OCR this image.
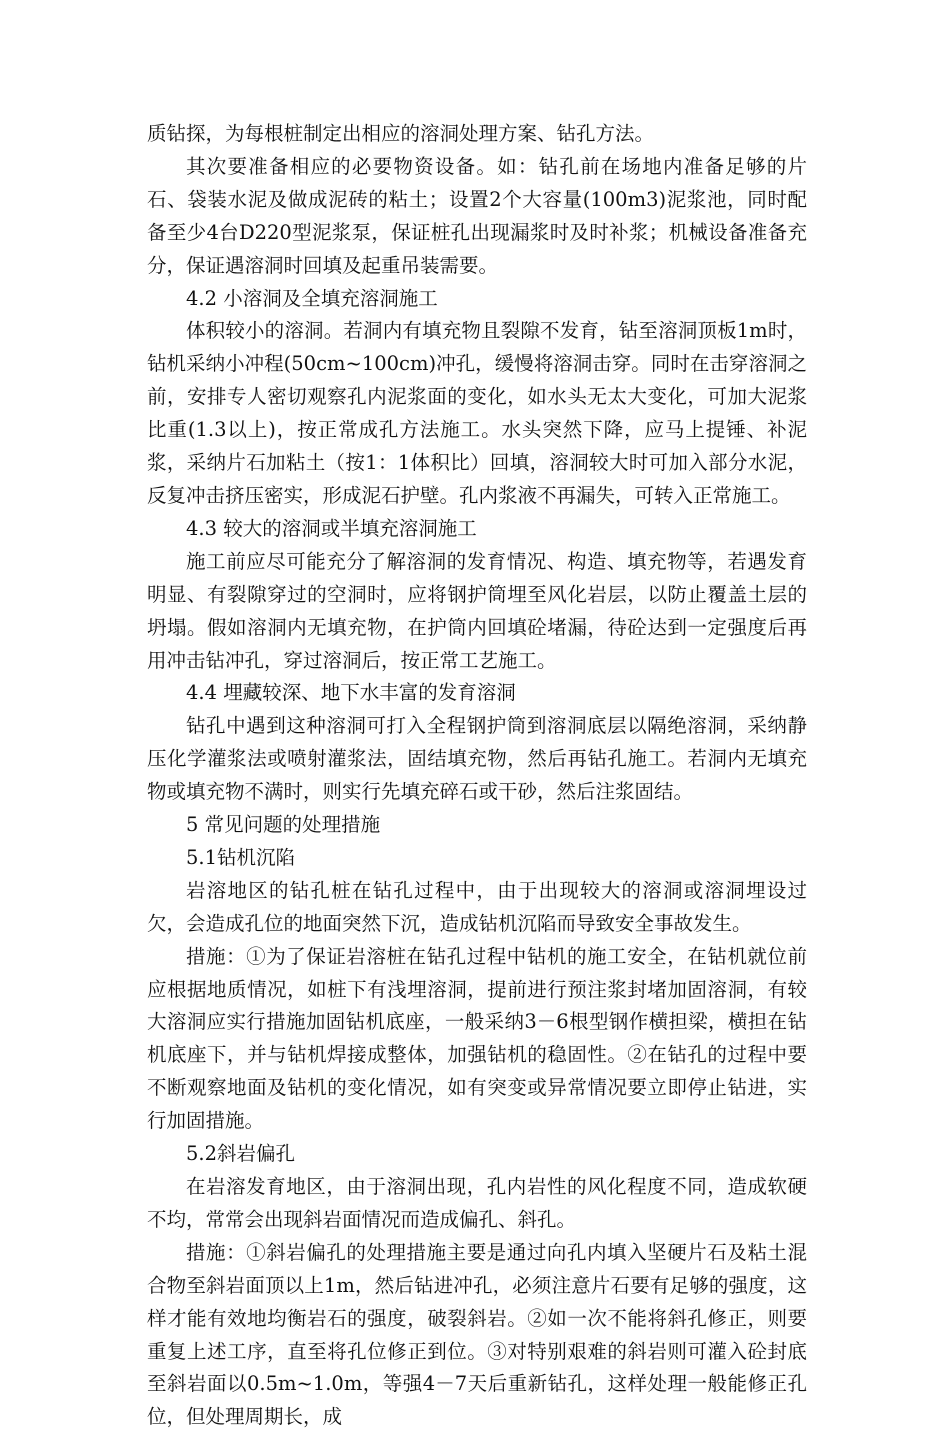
质钻探，为每根桩制定出相应的溶洞处理方案、钻孔方法。

其次要准备相应的必要物资设备。如：钻孔前在场地内准备足够的片石、袋装水泥及做成泥砖的粘土；设置2个大容量(100m3)泥浆池，同时配备至少4台D220型泥浆泵，保证桩孔出现漏浆时及时补浆；机械设备准备充分，保证遇溶洞时回填及起重吊装需要。

4.2 小溶洞及全填充溶洞施工

体积较小的溶洞。若洞内有填充物且裂隙不发育，钻至溶洞顶板1m时，钻机采纳小冲程(50cm~100cm)冲孔，缓慢将溶洞击穿。同时在击穿溶洞之前，安排专人密切观察孔内泥浆面的变化，如水头无太大变化，可加大泥浆比重(1.3以上)，按正常成孔方法施工。水头突然下降，应马上提锤、补泥浆，采纳片石加粘土（按1：1体积比）回填，溶洞较大时可加入部分水泥，反复冲击挤压密实，形成泥石护壁。孔内浆液不再漏失，可转入正常施工。

4.3 较大的溶洞或半填充溶洞施工

施工前应尽可能充分了解溶洞的发育情况、构造、填充物等，若遇发育明显、有裂隙穿过的空洞时，应将钢护筒埋至风化岩层，以防止覆盖土层的坍塌。假如溶洞内无填充物，在护筒内回填砼堵漏，待砼达到一定强度后再用冲击钻冲孔，穿过溶洞后，按正常工艺施工。

4.4 埋藏较深、地下水丰富的发育溶洞

钻孔中遇到这种溶洞可打入全程钢护筒到溶洞底层以隔绝溶洞，采纳静压化学灌浆法或喷射灌浆法，固结填充物，然后再钻孔施工。若洞内无填充物或填充物不满时，则实行先填充碎石或干砂，然后注浆固结。

5 常见问题的处理措施

5.1钻机沉陷

岩溶地区的钻孔桩在钻孔过程中，由于出现较大的溶洞或溶洞埋设过欠，会造成孔位的地面突然下沉，造成钻机沉陷而导致安全事故发生。

措施：①为了保证岩溶桩在钻孔过程中钻机的施工安全，在钻机就位前应根据地质情况，如桩下有浅埋溶洞，提前进行预注浆封堵加固溶洞，有较大溶洞应实行措施加固钻机底座，一般采纳3－6根型钢作横担梁，横担在钻机底座下，并与钻机焊接成整体，加强钻机的稳固性。②在钻孔的过程中要不断观察地面及钻机的变化情况，如有突变或异常情况要立即停止钻进，实行加固措施。

5.2斜岩偏孔

在岩溶发育地区，由于溶洞出现，孔内岩性的风化程度不同，造成软硬不均，常常会出现斜岩面情况而造成偏孔、斜孔。

措施：①斜岩偏孔的处理措施主要是通过向孔内填入坚硬片石及粘土混合物至斜岩面顶以上1m，然后钻进冲孔，必须注意片石要有足够的强度，这样才能有效地均衡岩石的强度，破裂斜岩。②如一次不能将斜孔修正，则要重复上述工序，直至将孔位修正到位。③对特别艰难的斜岩则可灌入砼封底至斜岩面以0.5m~1.0m，等强4－7天后重新钻孔，这样处理一般能修正孔位，但处理周期长，成
